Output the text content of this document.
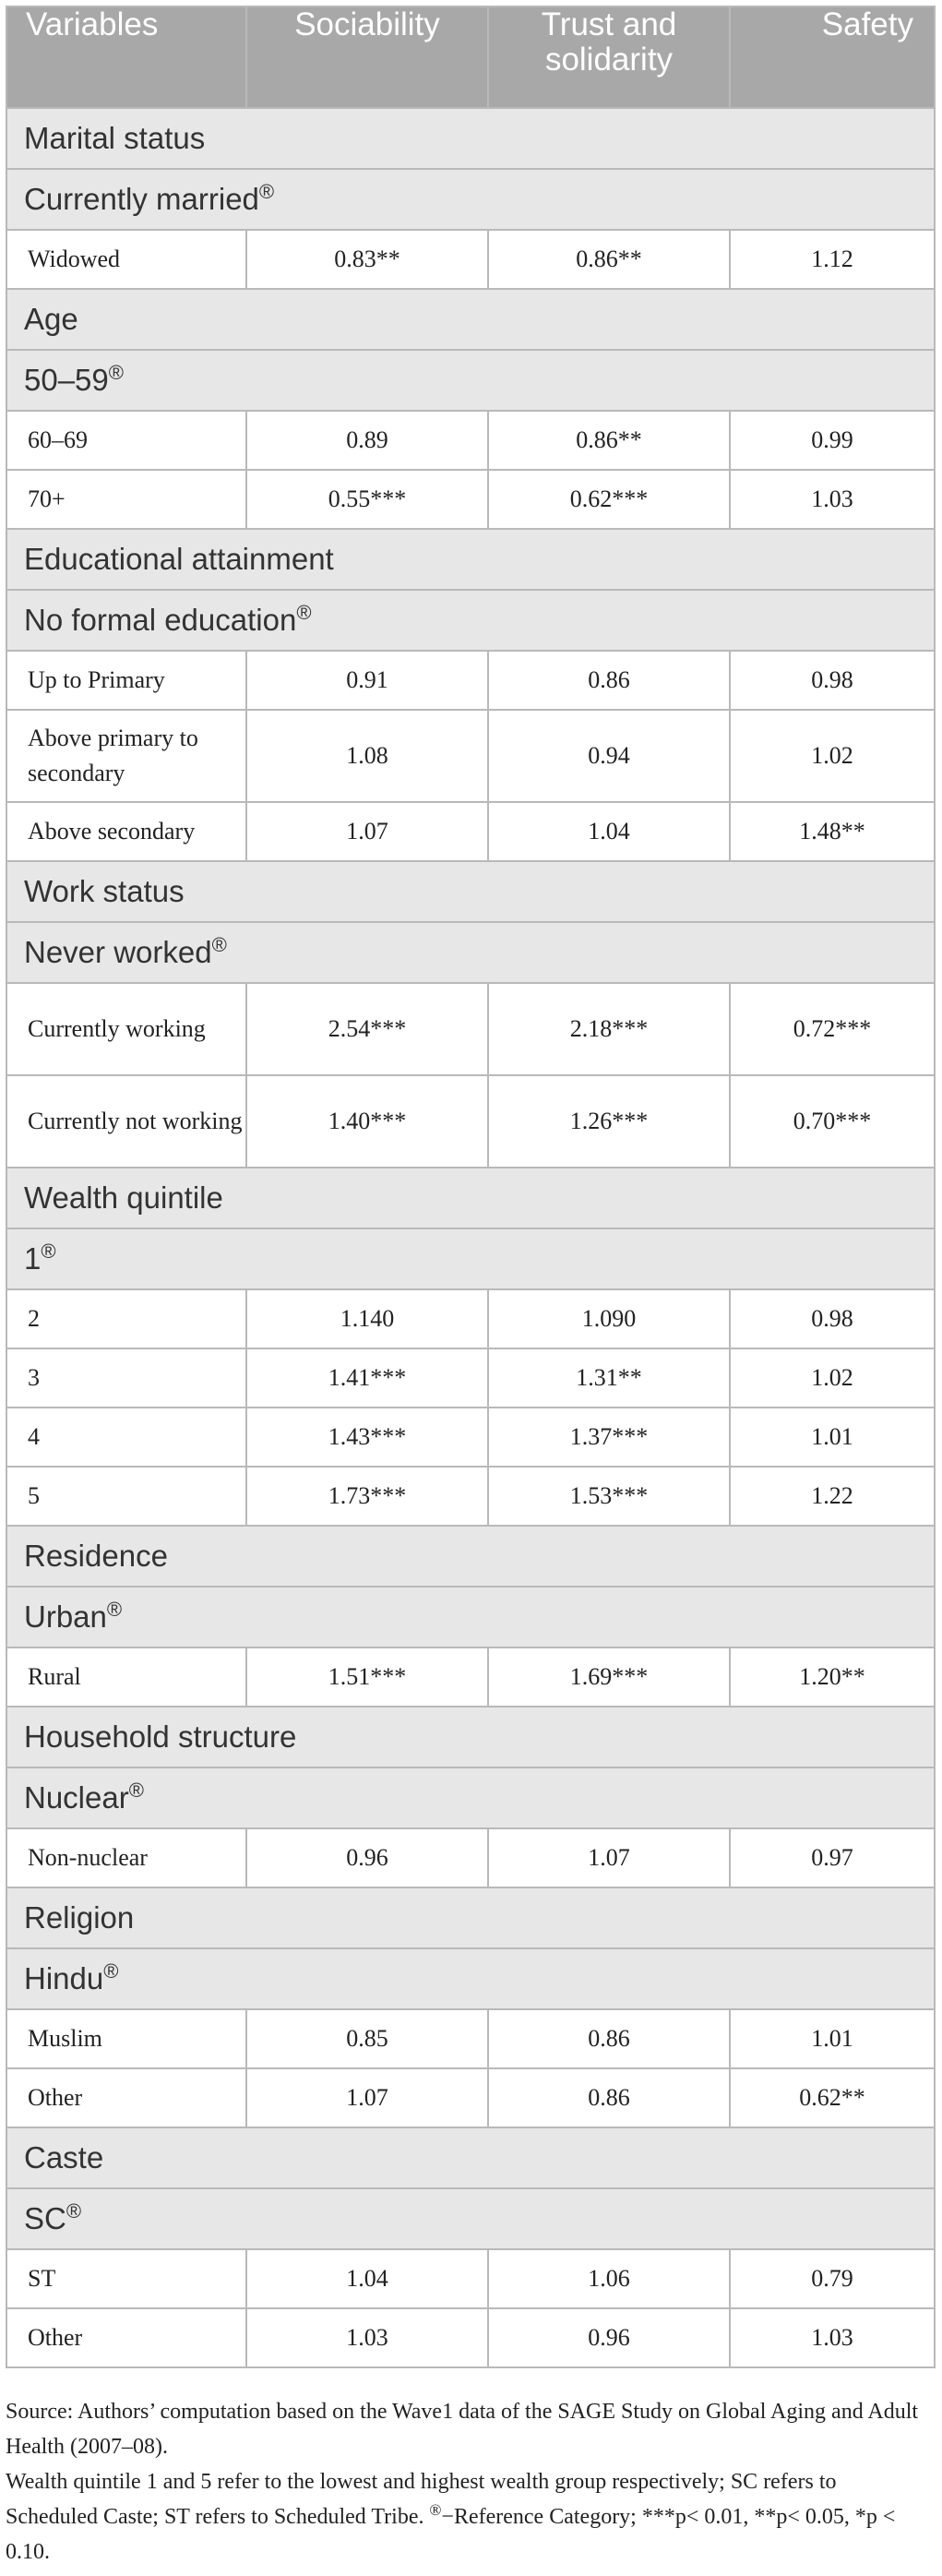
Variables	Sociability	Trust and solidarity	Safety
Marital status			
Currently married®
Widowed	0.83**	0.86**	1.12
Age			
50–59®
60–69	0.89	0.86**	0.99
70+	0.55***	0.62***	1.03
Educational attainment			
No formal education®
Up to Primary	0.91	0.86	0.98
Above primary to secondary	1.08	0.94	1.02
Above secondary	1.07	1.04	1.48**
Work status			
Never worked®
Currently working	2.54***	2.18***	0.72***
Currently not working	1.40***	1.26***	0.70***
Wealth quintile			
1®
2	1.140	1.090	0.98
3	1.41***	1.31**	1.02
4	1.43***	1.37***	1.01
5	1.73***	1.53***	1.22
Residence			
Urban®
Rural	1.51***	1.69***	1.20**
Household structure			
Nuclear®
Non-nuclear	0.96	1.07	0.97
Religion			
Hindu®
Muslim	0.85	0.86	1.01
Other	1.07	0.86	0.62**
Caste			
SC®
ST	1.04	1.06	0.79
Other	1.03	0.96	1.03

Source: Authors’ computation based on the Wave1 data of the SAGE Study on Global Aging and Adult Health (2007–08).

Wealth quintile 1 and 5 refer to the lowest and highest wealth group respectively; SC refers to Scheduled Caste; ST refers to Scheduled Tribe. ®−Reference Category; ***p< 0.01, **p< 0.05, *p < 0.10.
